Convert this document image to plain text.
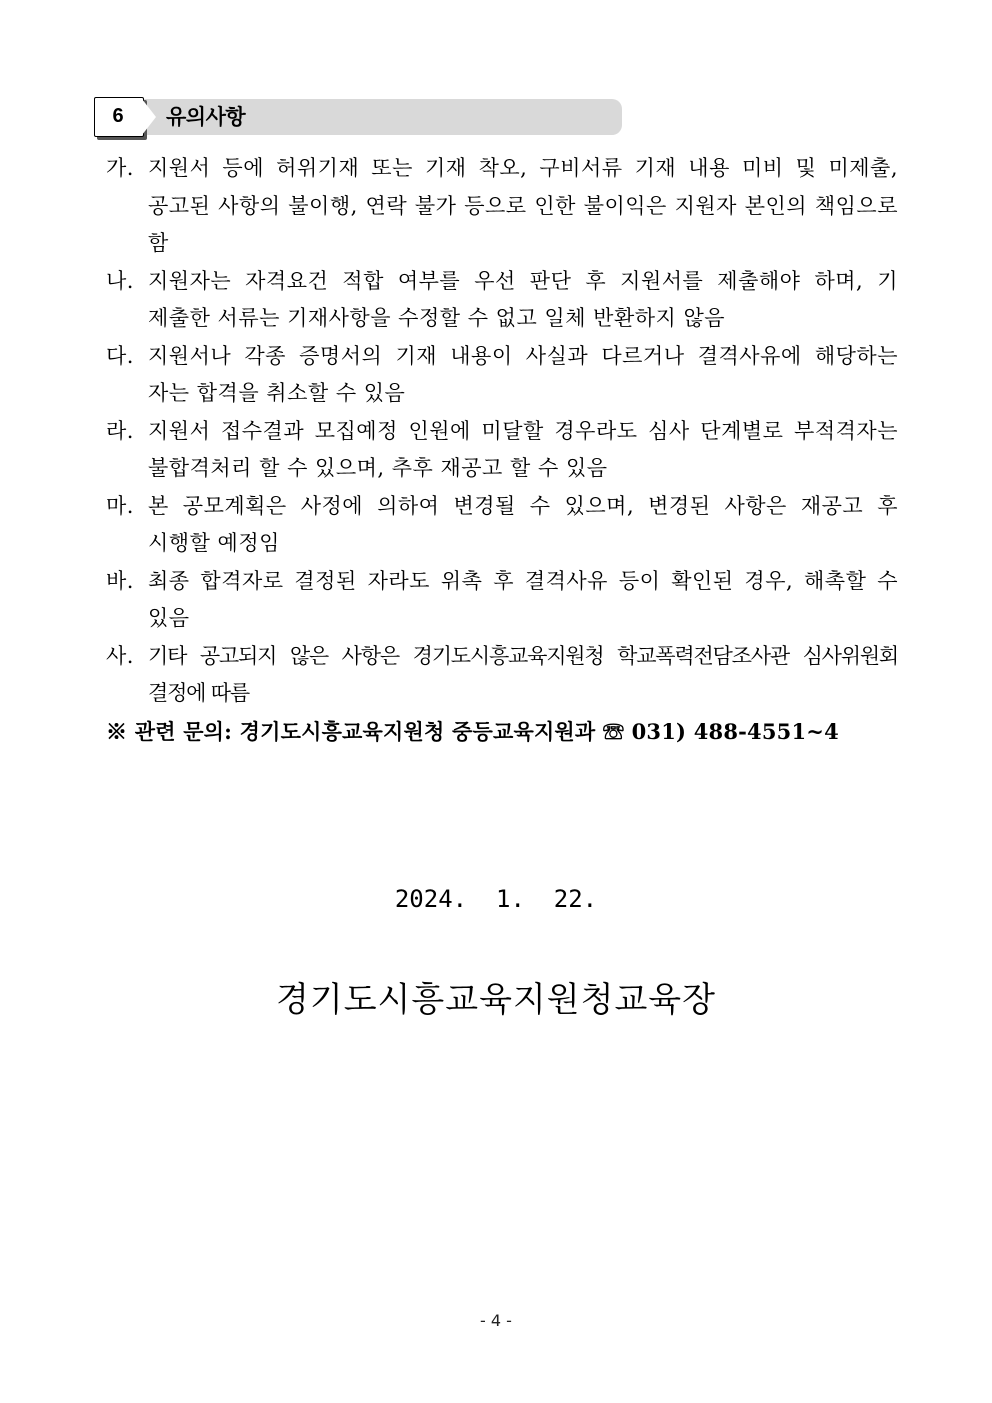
6	유의사항
가. 지원서 등에 허위기재 또는 기재 착오, 구비서류 기재 내용 미비 및 미제출, 공고된 사항의 불이행, 연락 불가 등으로 인한 불이익은 지원자 본인의 책임으로 함
나. 지원자는 자격요건 적합 여부를 우선 판단 후 지원서를 제출해야 하며, 기 제출한 서류는 기재사항을 수정할 수 없고 일체 반환하지 않음
다. 지원서나 각종 증명서의 기재 내용이 사실과 다르거나 결격사유에 해당하는 자는 합격을 취소할 수 있음
라. 지원서 접수결과 모집예정 인원에 미달할 경우라도 심사 단계별로 부적격자는 불합격처리 할 수 있으며, 추후 재공고 할 수 있음
마. 본 공모계획은 사정에 의하여 변경될 수 있으며, 변경된 사항은 재공고 후 시행할 예정임
바. 최종 합격자로 결정된 자라도 위촉 후 결격사유 등이 확인된 경우, 해촉할 수 있음
사. 기타 공고되지 않은 사항은 경기도시흥교육지원청 학교폭력전담조사관 심사위원회 결정에 따름
※ 관련 문의: 경기도시흥교육지원청 중등교육지원과 ☏ 031) 488-4551~4
2024.  1.  22.
경기도시흥교육지원청교육장
- 4 -
